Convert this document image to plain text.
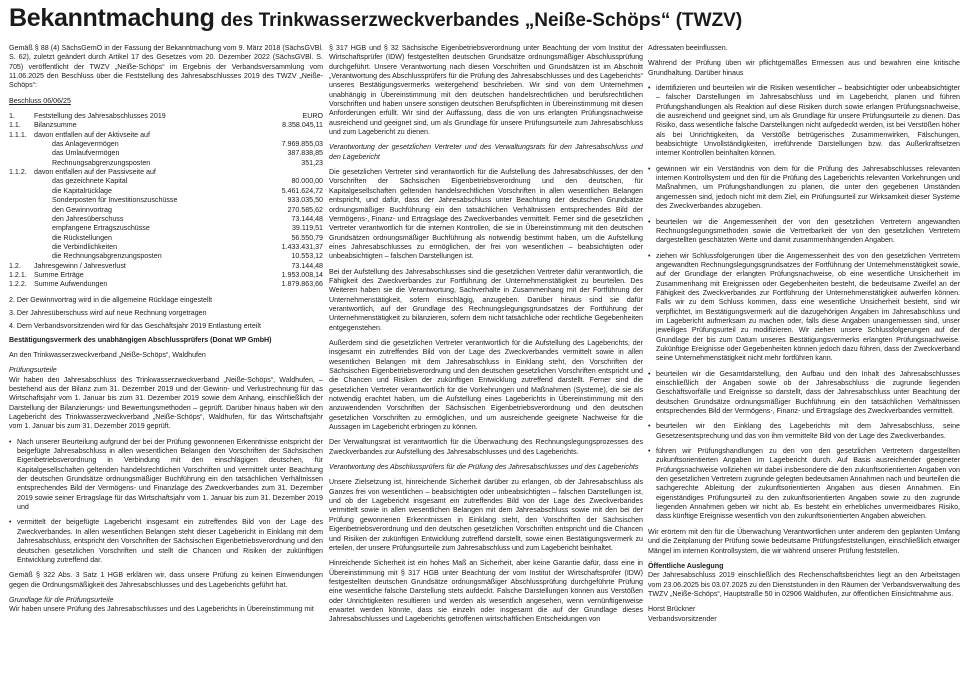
Bekanntmachung des Trinkwasserzweckverbandes „Neiße-Schöps“ (TWZV)

Gemäß § 88 (4) SächsGemO in der Fassung der Bekanntmachung vom 9. März 2018 (SächsGVBl. S. 62), zuletzt geändert durch Artikel 17 des Gesetzes vom 20. Dezember 2022 (SächsGVBl. S. 705) veröffentlicht der TWZV „Neiße-Schöps“ im Ergebnis der Verbandsversammlung vom 11.06.2025 den Beschluss über die Feststellung des Jahresabschlusses 2019 des TWZV „Neiße-Schöps“:

Beschluss 06/06/25

1.	Feststellung des Jahresabschlusses 2019	EURO
1.1.	Bilanzsumme	8.358.045,11
1.1.1.	davon entfallen auf der Aktivseite auf	
	das Anlagevermögen	7.969.855,03
	das Umlaufvermögen	387.838,85
	Rechnungsabgrenzungsposten	351,23
1.1.2.	davon entfallen auf der Passivseite auf	
	das gezeichnete Kapital	80.000,00
	die Kapitalrücklage	5.461.624,72
	Sonderposten für Investitionszuschüsse	933.035,50
	den Gewinnvortrag	270.585,62
	den Jahresüberschuss	73.144,48
	empfangene Ertragszuschüsse	39.119,51
	die Rückstellungen	56.550,79
	die Verbindlichkeiten	1.433.431,37
	die Rechnungsabgrenzungsposten	10.553,12
1.2.	Jahresgewinn / Jahresverlust	73.144,48
1.2.1.	Summe Erträge	1.953.008,14
1.2.2.	Summe Aufwendungen	1.879.863,66
2. Der Gewinnvortrag wird in die allgemeine Rücklage eingestellt
3. Der Jahresüberschuss wird auf neue Rechnung vorgetragen
4. Dem Verbandsvorsitzenden wird für das Geschäftsjahr 2019 Entlastung erteilt

Bestätigungsvermerk des unabhängigen Abschlussprüfers (Donat WP GmbH)

An den Trinkwasserzweckverband „Neiße-Schöps“, Waldhufen

Prüfungsurteile

Wir haben den Jahresabschluss des Trinkwasserzweckverband „Neiße-Schöps“, Waldhufen, – bestehend aus der Bilanz zum 31. Dezember 2019 und der Gewinn- und Verlustrechnung für das Wirtschaftsjahr vom 1. Januar bis zum 31. Dezember 2019 sowie dem Anhang, einschließlich der Darstellung der Bilanzierungs- und Bewertungsmethoden – geprüft. Darüber hinaus haben wir den Lagebericht des Trinkwasserzweckverband „Neiße-Schöps“, Waldhufen, für das Wirtschaftsjahr vom 1. Januar bis zum 31. Dezember 2019 geprüft.

• Nach unserer Beurteilung aufgrund der bei der Prüfung gewonnenen Erkenntnisse entspricht der beigefügte Jahresabschluss in allen wesentlichen Belangen den Vorschriften der Sächsischen Eigenbetriebsverordnung in Verbindung mit den einschlägigen deutschen, für Kapitalgesellschaften geltenden handelsrechtlichen Vorschriften und vermittelt unter Beachtung der deutschen Grundsätze ordnungsmäßiger Buchführung ein den tatsächlichen Verhältnissen entsprechendes Bild der Vermögens- und Finanzlage des Zweckverbandes zum 31. Dezember 2019 sowie seiner Ertragslage für das Wirtschaftsjahr vom 1. Januar bis zum 31. Dezember 2019 und
• vermittelt der beigefügte Lagebericht insgesamt ein zutreffendes Bild von der Lage des Zweckverbandes. In allen wesentlichen Belangen steht dieser Lagebericht in Einklang mit dem Jahresabschluss, entspricht den Vorschriften der Sächsischen Eigenbetriebsverordnung und den deutschen gesetzlichen Vorschriften und stellt die Chancen und Risiken der zukünftigen Entwicklung zutreffend dar.

Gemäß § 322 Abs. 3 Satz 1 HGB erklären wir, dass unsere Prüfung zu keinen Einwendungen gegen die Ordnungsmäßigkeit des Jahresabschlusses und des Lageberichts geführt hat.

Grundlage für die Prüfungsurteile

Wir haben unsere Prüfung des Jahresabschlusses und des Lageberichts in Übereinstimmung mit

§ 317 HGB und § 32 Sächsische Eigenbetriebsverordnung unter Beachtung der vom Institut der Wirtschaftsprüfer (IDW) festgestellten deutschen Grundsätze ordnungsmäßiger Abschlussprüfung durchgeführt. Unsere Verantwortung nach diesen Vorschriften und Grundsätzen ist im Abschnitt „Verantwortung des Abschlussprüfers für die Prüfung des Jahresabschlusses und des Lageberichts“ unseres Bestätigungsvermerks weitergehend beschrieben. Wir sind von dem Unternehmen unabhängig in Übereinstimmung mit den deutschen handelsrechtlichen und berufsrechtlichen Vorschriften und haben unsere sonstigen deutschen Berufspflichten in Übereinstimmung mit diesen Anforderungen erfüllt. Wir sind der Auffassung, dass die von uns erlangten Prüfungsnachweise ausreichend und geeignet sind, um als Grundlage für unsere Prüfungsurteile zum Jahresabschluss und zum Lagebericht zu dienen.

Verantwortung der gesetzlichen Vertreter und des Verwaltungsrats für den Jahresabschluss und den Lagebericht

Die gesetzlichen Vertreter sind verantwortlich für die Aufstellung des Jahresabschlusses, der den Vorschriften der Sächsischen Eigenbetriebsverordnung und den deutschen, für Kapitalgesellschaften geltenden handelsrechtlichen Vorschriften in allen wesentlichen Belangen entspricht, und dafür, dass der Jahresabschluss unter Beachtung der deutschen Grundsätze ordnungsmäßiger Buchführung ein den tatsächlichen Verhältnissen entsprechendes Bild der Vermögens-, Finanz- und Ertragslage des Zweckverbandes vermittelt. Ferner sind die gesetzlichen Vertreter verantwortlich für die internen Kontrollen, die sie in Übereinstimmung mit den deutschen Grundsätzen ordnungsmäßiger Buchführung als notwendig bestimmt haben, um die Aufstellung eines Jahresabschlusses zu ermöglichen, der frei von wesentlichen – beabsichtigten oder unbeabsichtigten – falschen Darstellungen ist.

Bei der Aufstellung des Jahresabschlusses sind die gesetzlichen Vertreter dafür verantwortlich, die Fähigkeit des Zweckverbandes zur Fortführung der Unternehmenstätigkeit zu beurteilen. Des Weiteren haben sie die Verantwortung, Sachverhalte in Zusammenhang mit der Fortführung der Unternehmenstätigkeit, sofern einschlägig, anzugeben. Darüber hinaus sind sie dafür verantwortlich, auf der Grundlage des Rechnungslegungsgrundsatzes der Fortführung der Unternehmenstätigkeit zu bilanzieren, sofern dem nicht tatsächliche oder rechtliche Gegebenheiten entgegenstehen.

Außerdem sind die gesetzlichen Vertreter verantwortlich für die Aufstellung des Lageberichts, der insgesamt ein zutreffendes Bild von der Lage des Zweckverbandes vermittelt sowie in allen wesentlichen Belangen mit dem Jahresabschluss in Einklang steht, den Vorschriften der Sächsischen Eigenbetriebsverordnung und den deutschen gesetzlichen Vorschriften entspricht und die Chancen und Risiken der zukünftigen Entwicklung zutreffend darstellt. Ferner sind die gesetzlichen Vertreter verantwortlich für die Vorkehrungen und Maßnahmen (Systeme), die sie als notwendig erachtet haben, um die Aufstellung eines Lageberichts in Übereinstimmung mit den anzuwendenden Vorschriften der Sächsischen Eigenbetriebsverordnung und den deutschen gesetzlichen Vorschriften zu ermöglichen, und um ausreichende geeignete Nachweise für die Aussagen im Lagebericht erbringen zu können.

Der Verwaltungsrat ist verantwortlich für die Überwachung des Rechnungslegungsprozesses des Zweckverbandes zur Aufstellung des Jahresabschlusses und des Lageberichts.

Verantwortung des Abschlussprüfers für die Prüfung des Jahresabschlusses und des Lageberichts

Unsere Zielsetzung ist, hinreichende Sicherheit darüber zu erlangen, ob der Jahresabschluss als Ganzes frei von wesentlichen – beabsichtigten oder unbeabsichtigten – falschen Darstellungen ist, und ob der Lagebericht insgesamt ein zutreffendes Bild von der Lage des Zweckverbandes vermittelt sowie in allen wesentlichen Belangen mit dem Jahresabschluss sowie mit den bei der Prüfung gewonnenen Erkenntnissen in Einklang steht, den Vorschriften der Sächsischen Eigenbetriebsverordnung und den deutschen gesetzlichen Vorschriften entspricht und die Chancen und Risiken der zukünftigen Entwicklung zutreffend darstellt, sowie einen Bestätigungsvermerk zu erteilen, der unsere Prüfungsurteile zum Jahresabschluss und zum Lagebericht beinhaltet.

Hinreichende Sicherheit ist ein hohes Maß an Sicherheit, aber keine Garantie dafür, dass eine in Übereinstimmung mit § 317 HGB unter Beachtung der vom Institut der Wirtschaftsprüfer (IDW) festgestellten deutschen Grundsätze ordnungsmäßiger Abschlussprüfung durchgeführte Prüfung eine wesentliche falsche Darstellung stets aufdeckt. Falsche Darstellungen können aus Verstößen oder Unrichtigkeiten resultieren und werden als wesentlich angesehen, wenn vernünftigerweise erwartet werden könnte, dass sie einzeln oder insgesamt die auf der Grundlage dieses Jahresabschlusses und Lageberichts getroffenen wirtschaftlichen Entscheidungen von

Adressaten beeinflussen.

Während der Prüfung üben wir pflichtgemäßes Ermessen aus und bewahren eine kritische Grundhaltung. Darüber hinaus

• identifizieren und beurteilen wir die Risiken wesentlicher – beabsichtigter oder unbeabsichtigter – falscher Darstellungen im Jahresabschluss und im Lagebericht, planen und führen Prüfungshandlungen als Reaktion auf diese Risiken durch sowie erlangen Prüfungsnachweise, die ausreichend und geeignet sind, um als Grundlage für unsere Prüfungsurteile zu dienen. Das Risiko, dass wesentliche falsche Darstellungen nicht aufgedeckt werden, ist bei Verstößen höher als bei Unrichtigkeiten, da Verstöße betrügerisches Zusammenwirken, Fälschungen, beabsichtigte Unvollständigkeiten, irreführende Darstellungen bzw. das Außerkraftsetzen interner Kontrollen beinhalten können.
• gewinnen wir ein Verständnis von dem für die Prüfung des Jahresabschlusses relevanten internen Kontrollsystem und den für die Prüfung des Lageberichts relevanten Vorkehrungen und Maßnahmen, um Prüfungshandlungen zu planen, die unter den gegebenen Umständen angemessen sind, jedoch nicht mit dem Ziel, ein Prüfungsurteil zur Wirksamkeit dieser Systeme des Zweckverbandes abzugeben.
• beurteilen wir die Angemessenheit der von den gesetzlichen Vertretern angewandten Rechnungslegungsmethoden sowie die Vertretbarkeit der von den gesetzlichen Vertretern dargestellten geschätzten Werte und damit zusammenhängenden Angaben.
• ziehen wir Schlussfolgerungen über die Angemessenheit des von den gesetzlichen Vertretern angewandten Rechnungslegungsgrundsatzes der Fortführung der Unternehmenstätigkeit sowie, auf der Grundlage der erlangten Prüfungsnachweise, ob eine wesentliche Unsicherheit im Zusammenhang mit Ereignissen oder Gegebenheiten besteht, die bedeutsame Zweifel an der Fähigkeit des Zweckverbandes zur Fortführung der Unternehmenstätigkeit aufwerfen können. Falls wir zu dem Schluss kommen, dass eine wesentliche Unsicherheit besteht, sind wir verpflichtet, im Bestätigungsvermerk auf die dazugehörigen Angaben im Jahresabschluss und im Lagebericht aufmerksam zu machen oder, falls diese Angaben unangemessen sind, unser jeweiliges Prüfungsurteil zu modifizieren. Wir ziehen unsere Schlussfolgerungen auf der Grundlage der bis zum Datum unseres Bestätigungsvermerks erlangten Prüfungsnachweise. Zukünftige Ereignisse oder Gegebenheiten können jedoch dazu führen, dass der Zweckverband seine Unternehmenstätigkeit nicht mehr fortführen kann.
• beurteilen wir die Gesamtdarstellung, den Aufbau und den Inhalt des Jahresabschlusses einschließlich der Angaben sowie ob der Jahresabschluss die zugrunde liegenden Geschäftsvorfälle und Ereignisse so darstellt, dass der Jahresabschluss unter Beachtung der deutschen Grundsätze ordnungsmäßiger Buchführung ein den tatsächlichen Verhältnissen entsprechendes Bild der Vermögens-, Finanz- und Ertragslage des Zweckverbandes vermittelt.
• beurteilen wir den Einklang des Lageberichts mit dem Jahresabschluss, seine Gesetzesentsprechung und das von ihm vermittelte Bild von der Lage des Zweckverbandes.
• führen wir Prüfungshandlungen zu den von den gesetzlichen Vertretern dargestellten zukunftsorientierten Angaben im Lagebericht durch. Auf Basis ausreichender geeigneter Prüfungsnachweise vollziehen wir dabei insbesondere die den zukunftsorientierten Angaben von den gesetzlichen Vertretern zugrunde gelegten bedeutsamen Annahmen nach und beurteilen die sachgerechte Ableitung der zukunftsorientierten Angaben aus diesen Annahmen. Ein eigenständiges Prüfungsurteil zu den zukunftsorientierten Angaben sowie zu den zugrunde liegenden Annahmen geben wir nicht ab. Es besteht ein erhebliches unvermeidbares Risiko, dass künftige Ereignisse wesentlich von den zukunftsorientierten Angaben abweichen.

Wir erörtern mit den für die Überwachung Verantwortlichen unter anderem den geplanten Umfang und die Zeitplanung der Prüfung sowie bedeutsame Prüfungsfeststellungen, einschließlich etwaiger Mängel im internen Kontrollsystem, die wir während unserer Prüfung feststellen.

Öffentliche Auslegung

Der Jahresabschluss 2019 einschließlich des Rechenschaftsberichtes liegt an den Arbeitstagen vom 23.06.2025 bis 03.07.2025 zu den Dienststunden in den Räumen der Verbandsverwaltung des TWZV „Neiße-Schöps“, Hauptstraße 50 in 02906 Waldhufen, zur öffentlichen Einsichtnahme aus.

Horst Brückner
Verbandsvorsitzender
